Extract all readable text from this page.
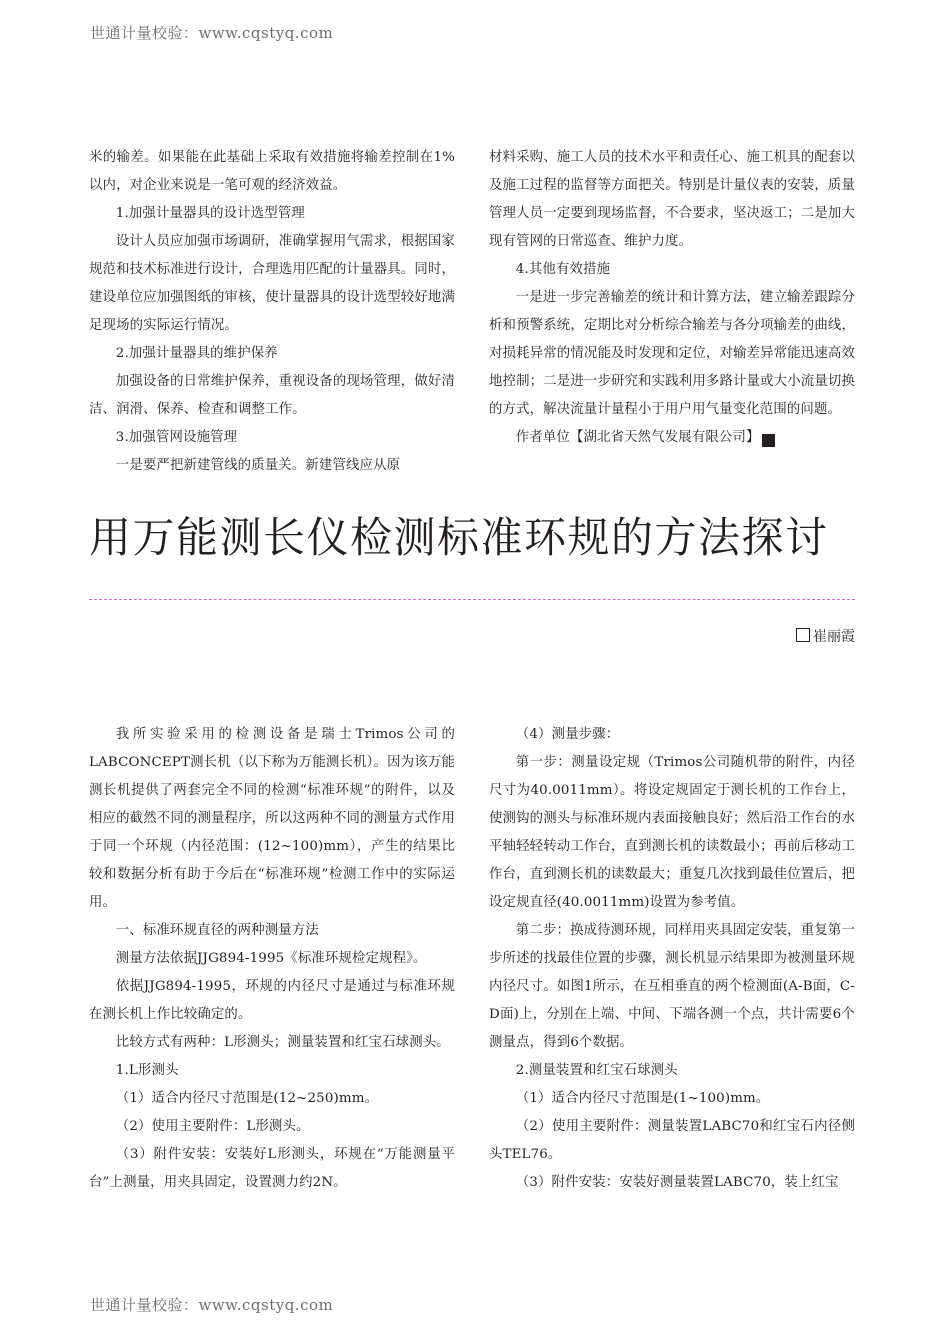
世通计量校验：www.cqstyq.com

米的输差。如果能在此基础上采取有效措施将输差控制在1%以内，对企业来说是一笔可观的经济效益。

1.加强计量器具的设计选型管理

设计人员应加强市场调研，准确掌握用气需求，根据国家规范和技术标准进行设计，合理选用匹配的计量器具。同时，建设单位应加强图纸的审核，使计量器具的设计选型较好地满足现场的实际运行情况。

2.加强计量器具的维护保养

加强设备的日常维护保养，重视设备的现场管理，做好清洁、润滑、保养、检查和调整工作。

3.加强管网设施管理

一是要严把新建管线的质量关。新建管线应从原

材料采购、施工人员的技术水平和责任心、施工机具的配套以及施工过程的监督等方面把关。特别是计量仪表的安装，质量管理人员一定要到现场监督，不合要求，坚决返工；二是加大现有管网的日常巡查、维护力度。

4.其他有效措施

一是进一步完善输差的统计和计算方法，建立输差跟踪分析和预警系统，定期比对分析综合输差与各分项输差的曲线，对损耗异常的情况能及时发现和定位，对输差异常能迅速高效地控制；二是进一步研究和实践利用多路计量或大小流量切换的方式，解决流量计量程小于用户用气量变化范围的问题。

作者单位【湖北省天然气发展有限公司】	计

用万能测长仪检测标准环规的方法探讨
崔丽霞

我所实验采用的检测设备是瑞士Trimos公司的LABCONCEPT测长机（以下称为万能测长机）。因为该万能测长机提供了两套完全不同的检测“标准环规”的附件，以及相应的截然不同的测量程序，所以这两种不同的测量方式作用于同一个环规（内径范围：(12~100)mm），产生的结果比较和数据分析有助于今后在“标准环规”检测工作中的实际运用。

一、标准环规直径的两种测量方法

测量方法依据JJG894-1995《标准环规检定规程》。

依据JJG894-1995，环规的内径尺寸是通过与标准环规在测长机上作比较确定的。

比较方式有两种：L形测头；测量装置和红宝石球测头。

1.L形测头

（1）适合内径尺寸范围是(12~250)mm。

（2）使用主要附件：L形测头。

（3）附件安装：安装好L形测头，环规在“万能测量平台”上测量，用夹具固定，设置测力约2N。

（4）测量步骤：

第一步：测量设定规（Trimos公司随机带的附件，内径尺寸为40.0011mm）。将设定规固定于测长机的工作台上，使测钩的测头与标准环规内表面接触良好；然后沿工作台的水平轴轻轻转动工作台，直到测长机的读数最小；再前后移动工作台，直到测长机的读数最大；重复几次找到最佳位置后，把设定规直径(40.0011mm)设置为参考值。

第二步：换成待测环规，同样用夹具固定安装，重复第一步所述的找最佳位置的步骤，测长机显示结果即为被测量环规内径尺寸。如图1所示，在互相垂直的两个检测面(A-B面，C-D面)上，分别在上端、中间、下端各测一个点，共计需要6个测量点，得到6个数据。

2.测量装置和红宝石球测头

（1）适合内径尺寸范围是(1~100)mm。

（2）使用主要附件：测量装置LABC70和红宝石内径侧头TEL76。

（3）附件安装：安装好测量装置LABC70，装上红宝

世通计量校验：www.cqstyq.com
